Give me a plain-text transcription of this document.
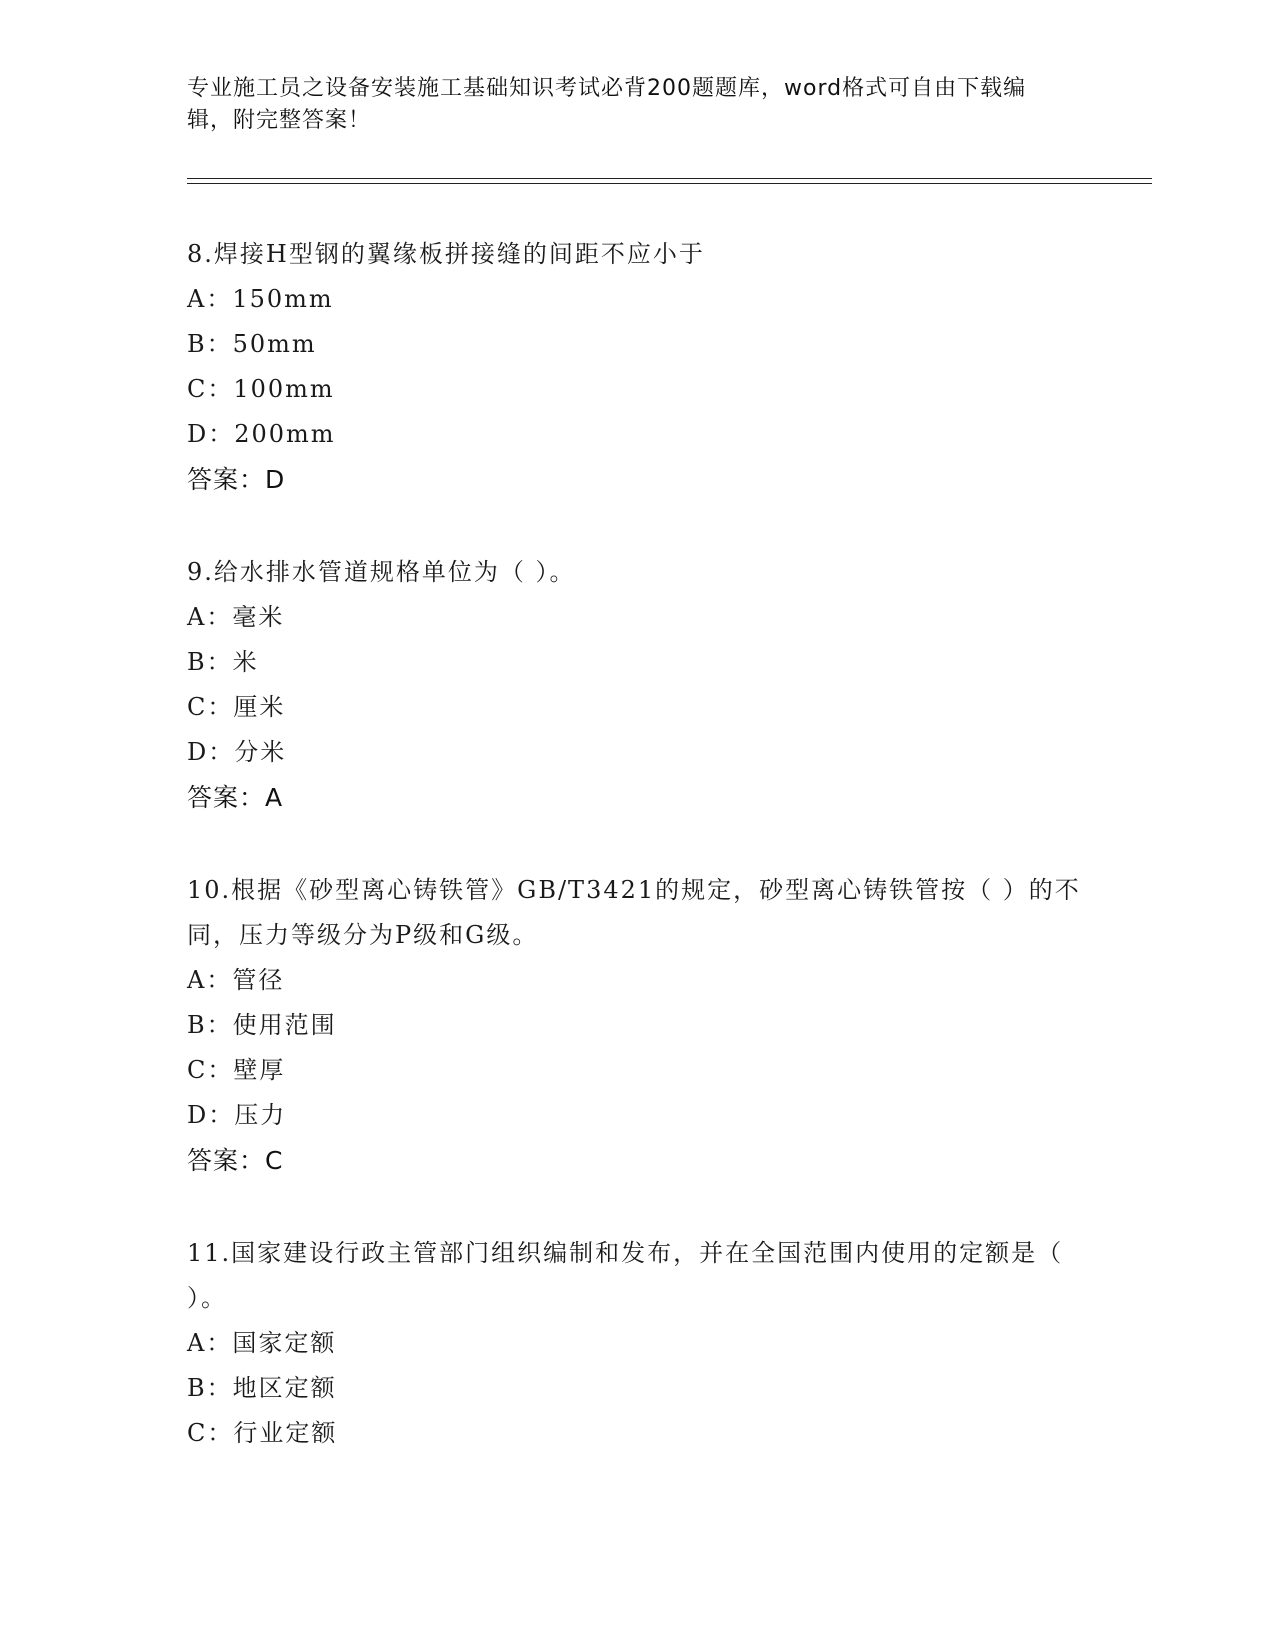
专业施工员之设备安装施工基础知识考试必背200题题库，word格式可自由下载编辑，附完整答案！
8.焊接H型钢的翼缘板拼接缝的间距不应小于
A：150mm
B：50mm
C：100mm
D：200mm
答案：D
9.给水排水管道规格单位为（ ）。
A：毫米
B：米
C：厘米
D：分米
答案：A
10.根据《砂型离心铸铁管》GB/T3421的规定，砂型离心铸铁管按（ ）的不同，压力等级分为P级和G级。
A：管径
B：使用范围
C：壁厚
D：压力
答案：C
11.国家建设行政主管部门组织编制和发布，并在全国范围内使用的定额是（ ）。
A：国家定额
B：地区定额
C：行业定额
